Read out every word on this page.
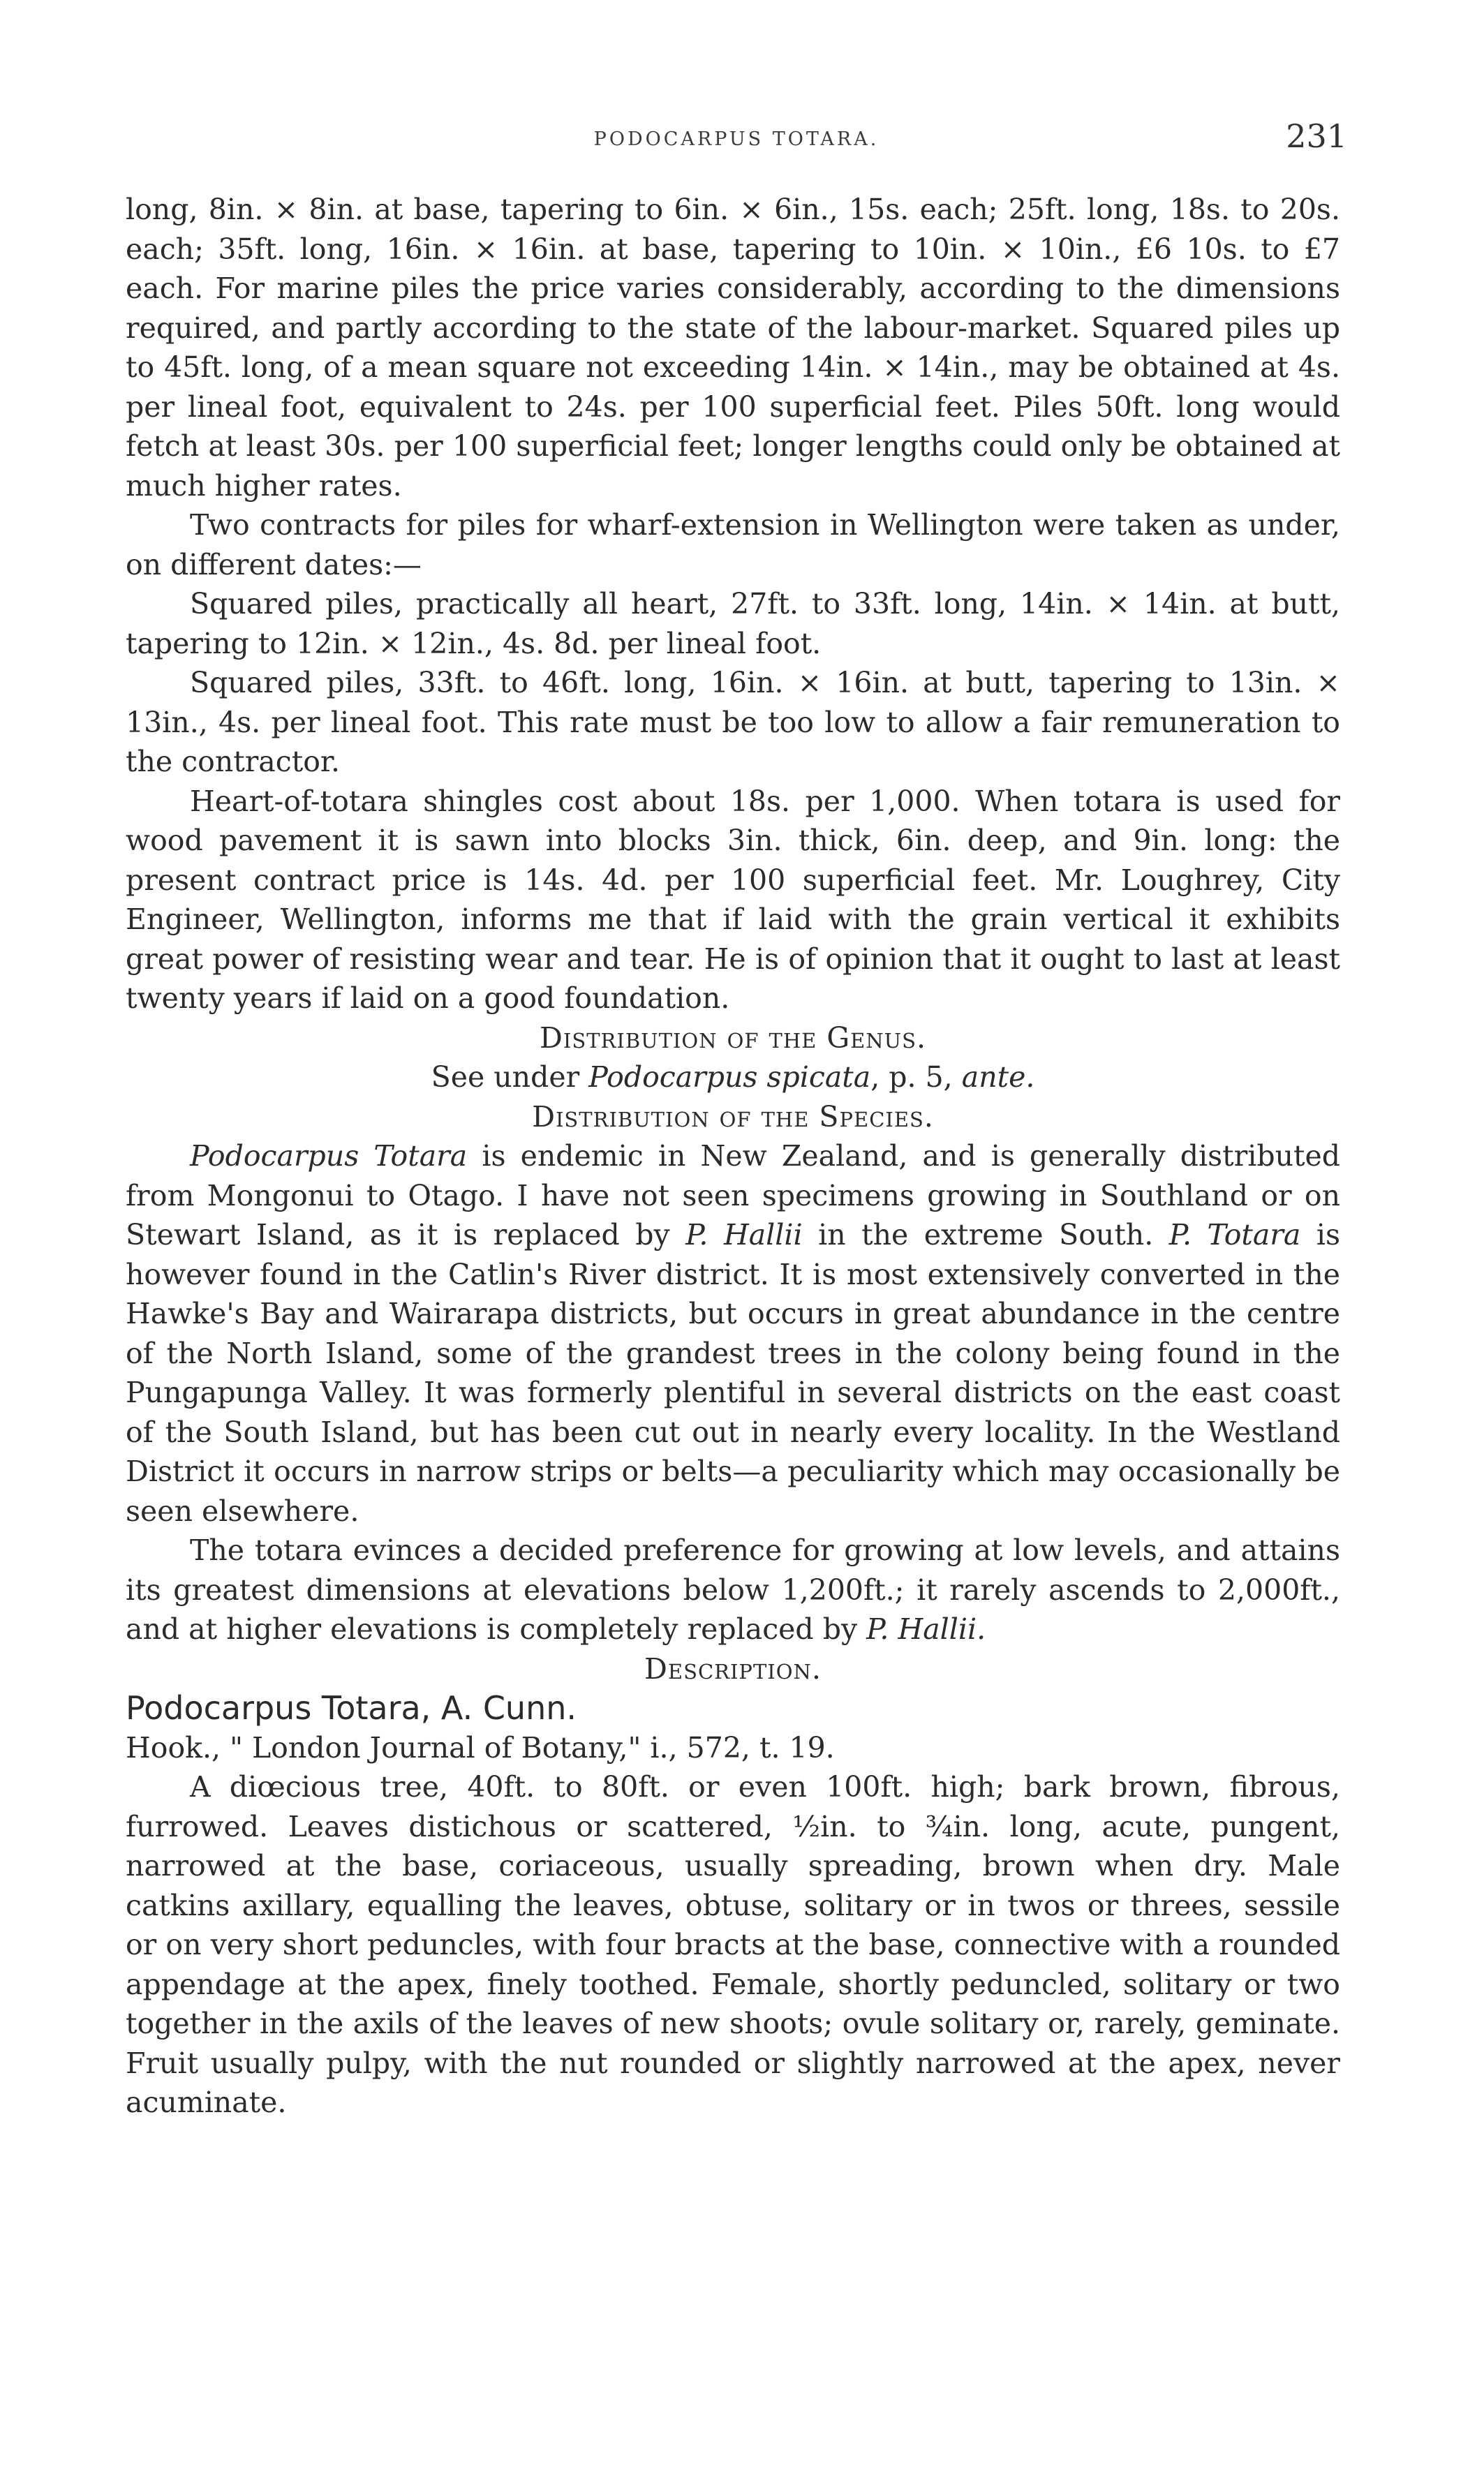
PODOCARPUS TOTARA.	231

long, 8in. × 8in. at base, tapering to 6in. × 6in., 15s. each; 25ft. long, 18s. to 20s. each; 35ft. long, 16in. × 16in. at base, tapering to 10in. × 10in., £6 10s. to £7 each. For marine piles the price varies considerably, according to the dimensions required, and partly according to the state of the labour-market. Squared piles up to 45ft. long, of a mean square not exceeding 14in. × 14in., may be obtained at 4s. per lineal foot, equivalent to 24s. per 100 superficial feet. Piles 50ft. long would fetch at least 30s. per 100 superficial feet; longer lengths could only be obtained at much higher rates.

Two contracts for piles for wharf-extension in Wellington were taken as under, on different dates:—

Squared piles, practically all heart, 27ft. to 33ft. long, 14in. × 14in. at butt, tapering to 12in. × 12in., 4s. 8d. per lineal foot.

Squared piles, 33ft. to 46ft. long, 16in. × 16in. at butt, tapering to 13in. × 13in., 4s. per lineal foot. This rate must be too low to allow a fair remuneration to the contractor.

Heart-of-totara shingles cost about 18s. per 1,000. When totara is used for wood pavement it is sawn into blocks 3in. thick, 6in. deep, and 9in. long: the present contract price is 14s. 4d. per 100 superficial feet. Mr. Loughrey, City Engineer, Wellington, informs me that if laid with the grain vertical it exhibits great power of resisting wear and tear. He is of opinion that it ought to last at least twenty years if laid on a good foundation.

Distribution of the Genus.

See under Podocarpus spicata, p. 5, ante.

Distribution of the Species.

Podocarpus Totara is endemic in New Zealand, and is generally distributed from Mongonui to Otago. I have not seen specimens growing in Southland or on Stewart Island, as it is replaced by P. Hallii in the extreme South. P. Totara is however found in the Catlin's River district. It is most extensively converted in the Hawke's Bay and Wairarapa districts, but occurs in great abundance in the centre of the North Island, some of the grandest trees in the colony being found in the Pungapunga Valley. It was formerly plentiful in several districts on the east coast of the South Island, but has been cut out in nearly every locality. In the Westland District it occurs in narrow strips or belts—a peculiarity which may occasionally be seen elsewhere.

The totara evinces a decided preference for growing at low levels, and attains its greatest dimensions at elevations below 1,200ft.; it rarely ascends to 2,000ft., and at higher elevations is completely replaced by P. Hallii.

Description.

Podocarpus Totara, A. Cunn.

Hook., " London Journal of Botany," i., 572, t. 19.

A diœcious tree, 40ft. to 80ft. or even 100ft. high; bark brown, fibrous, furrowed. Leaves distichous or scattered, ½in. to ¾in. long, acute, pungent, narrowed at the base, coriaceous, usually spreading, brown when dry. Male catkins axillary, equalling the leaves, obtuse, solitary or in twos or threes, sessile or on very short peduncles, with four bracts at the base, connective with a rounded appendage at the apex, finely toothed. Female, shortly peduncled, solitary or two together in the axils of the leaves of new shoots; ovule solitary or, rarely, geminate. Fruit usually pulpy, with the nut rounded or slightly narrowed at the apex, never acuminate.
